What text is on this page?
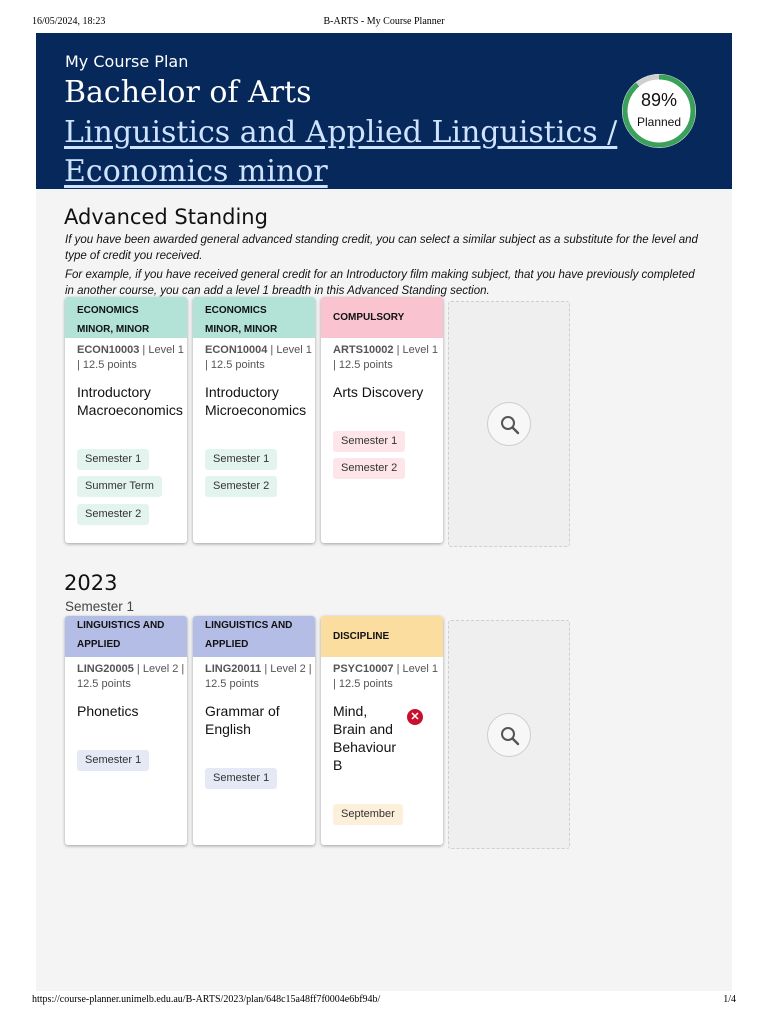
16/05/2024, 18:23	B-ARTS - My Course Planner
My Course Plan
Bachelor of Arts
Linguistics and Applied Linguistics / Economics minor
89%
Planned
Advanced Standing
If you have been awarded general advanced standing credit, you can select a similar subject as a substitute for the level and type of credit you received.
For example, if you have received general credit for an Introductory film making subject, that you have previously completed in another course, you can add a level 1 breadth in this Advanced Standing section.
ECONOMICS MINOR, MINOR
ECON10003 | Level 1 | 12.5 points
Introductory Macroeconomics
Semester 1
Summer Term
Semester 2
ECONOMICS MINOR, MINOR
ECON10004 | Level 1 | 12.5 points
Introductory Microeconomics
Semester 1
Semester 2
COMPULSORY
ARTS10002 | Level 1 | 12.5 points
Arts Discovery
Semester 1
Semester 2
2023
Semester 1
LINGUISTICS AND APPLIED
LING20005 | Level 2 | 12.5 points
Phonetics
Semester 1
LINGUISTICS AND APPLIED
LING20011 | Level 2 | 12.5 points
Grammar of English
Semester 1
DISCIPLINE
PSYC10007 | Level 1 | 12.5 points
Mind, Brain and Behaviour B
✕
September
https://course-planner.unimelb.edu.au/B-ARTS/2023/plan/648c15a48ff7f0004e6bf94b/	1/4
